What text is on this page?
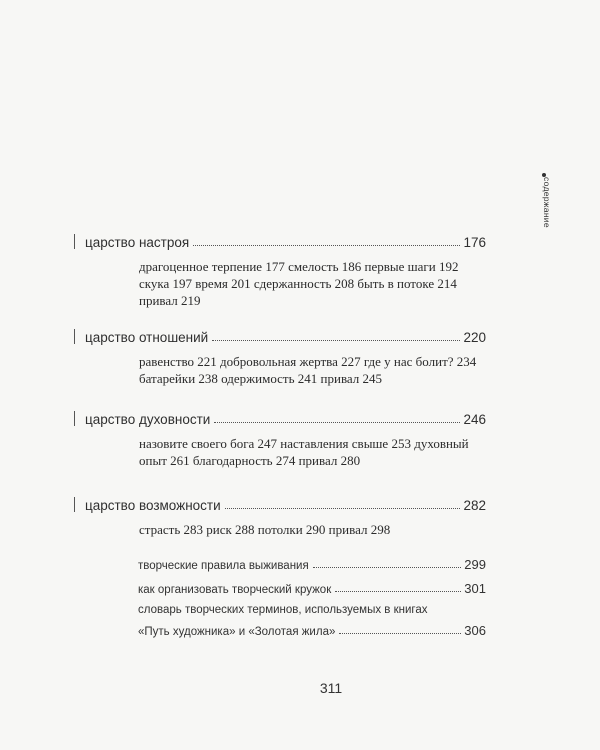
содержание
царство настроя	176
драгоценное терпение 177 смелость 186 первые шаги 192
скука 197 время 201 сдержанность 208 быть в потоке 214
привал 219
царство отношений	220
равенство 221 добровольная жертва 227 где у нас болит? 234
батарейки 238 одержимость 241 привал 245
царство духовности	246
назовите своего бога 247 наставления свыше 253 духовный
опыт 261 благодарность 274 привал 280
царство возможности	282
страсть 283 риск 288 потолки 290 привал 298
творческие правила выживания	299
как организовать творческий кружок	301
словарь творческих терминов, используемых в книгах
«Путь художника» и «Золотая жила»	306
311
